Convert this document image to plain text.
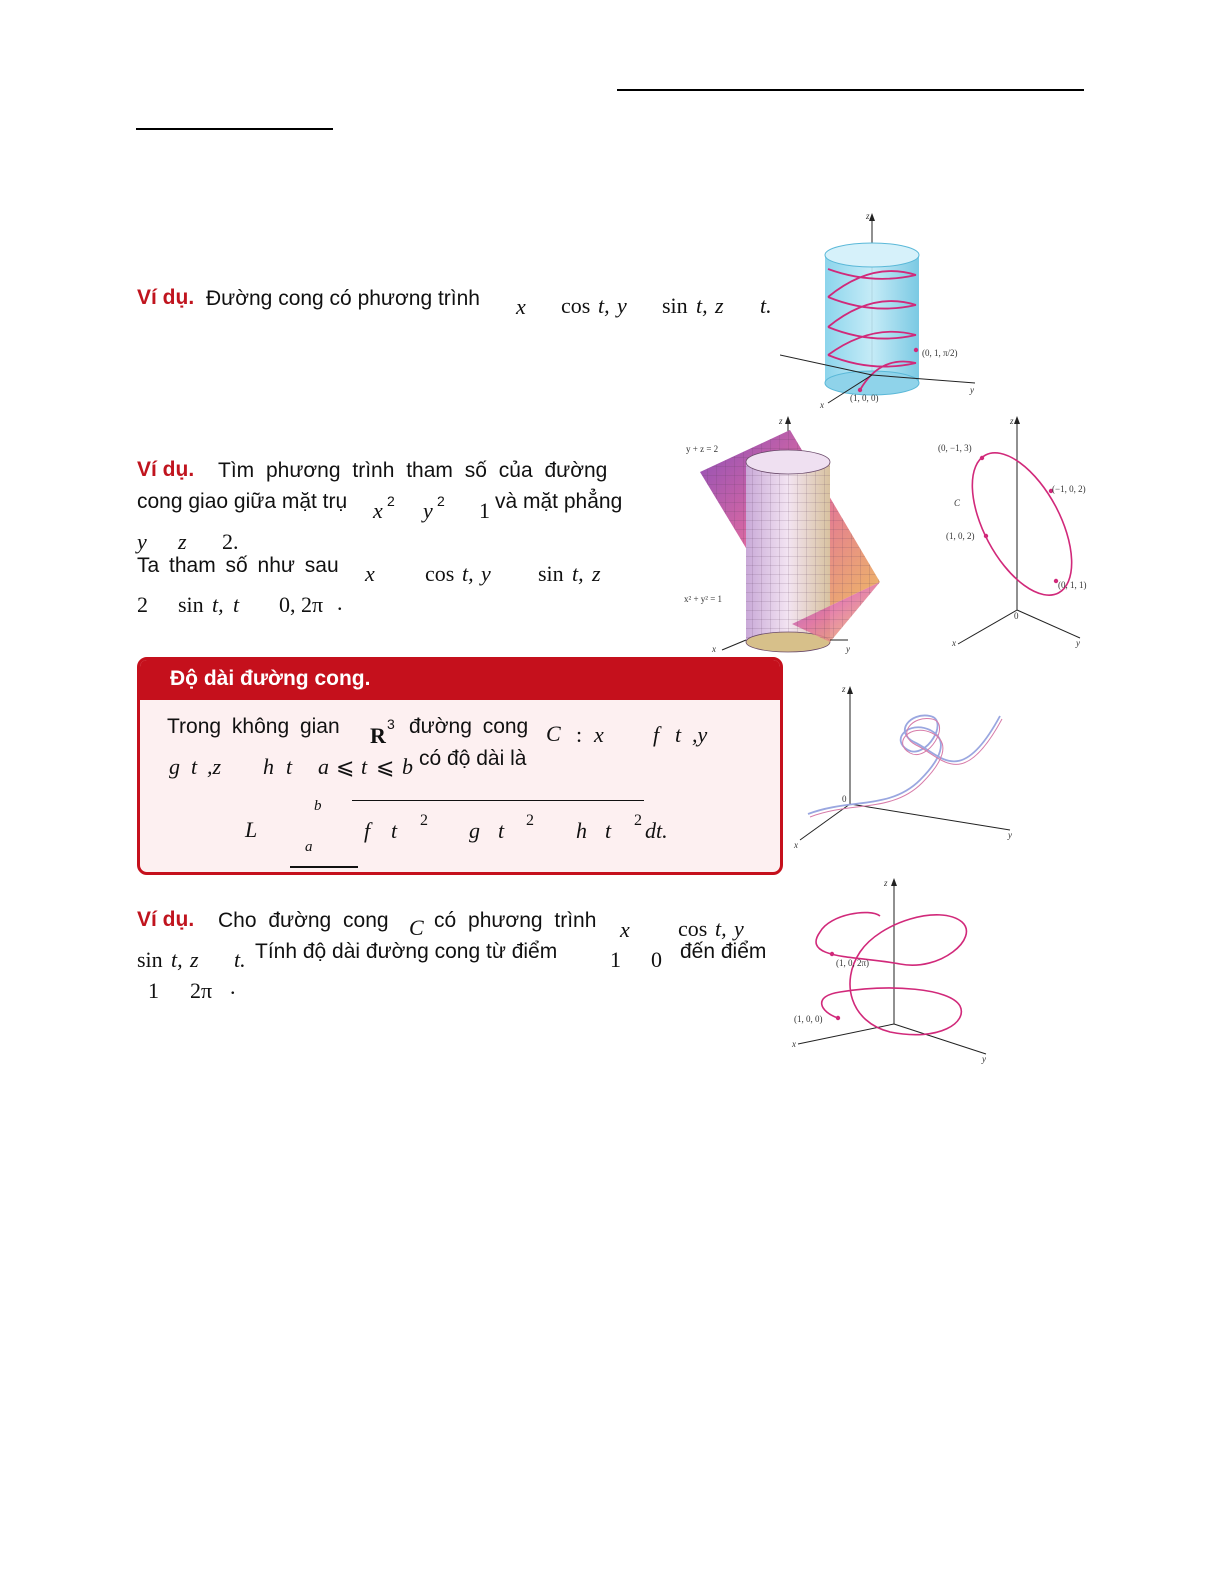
Ví dụ. Đường cong có phương trình x cos t, y sin t, z t.
z
(0, 1, π/2)
(1, 0, 0)
x
y
Ví dụ. Tìm phương trình tham số của đường
cong giao giữa mặt trụ x 2 y 2 1 và mặt phẳng
y z 2.
Ta tham số như sau x cos t, y sin t, z
2 sin t, t 0, 2π .
z
x	y
y + z = 2
x² + y² = 1
z
x	y
0
(0, −1, 3)
(−1, 0, 2)
(1, 0, 2)
(0, 1, 1)
C
Độ dài đường cong.
Trong không gian R 3 đường cong C : x f t ,y
g t ,z h t a ⩽ t ⩽ b có độ dài là
L
b
a
f t 2 g t 2 h t 2 dt.
z
x
y
0
Ví dụ. Cho đường cong C có phương trình x cos t, y
sin t, z t. Tính độ dài đường cong từ điểm 1 0 đến điểm
1 2π .
z
x
y
(1, 0, 2π)
(1, 0, 0)
